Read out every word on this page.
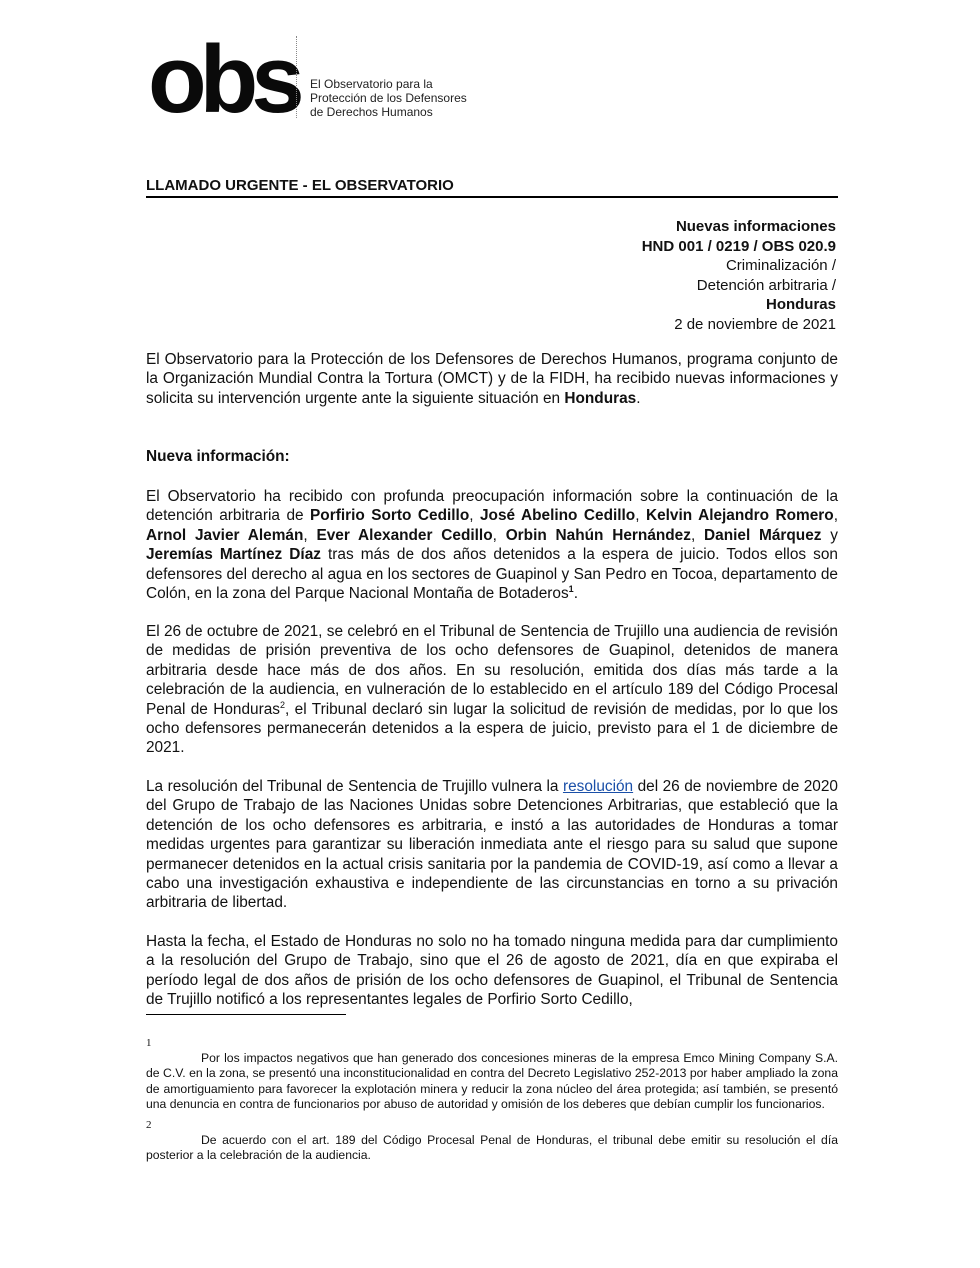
obs El Observatorio para la
Protección de los Defensores
de Derechos Humanos
LLAMADO URGENTE - EL OBSERVATORIO
Nuevas informaciones
HND 001 / 0219 / OBS 020.9
Criminalización /
Detención arbitraria /
Honduras
2 de noviembre de 2021

El Observatorio para la Protección de los Defensores de Derechos Humanos, programa conjunto de la Organización Mundial Contra la Tortura (OMCT) y de la FIDH, ha recibido nuevas informaciones y solicita su intervención urgente ante la siguiente situación en Honduras.

Nueva información:

El Observatorio ha recibido con profunda preocupación información sobre la continuación de la detención arbitraria de Porfirio Sorto Cedillo, José Abelino Cedillo, Kelvin Alejandro Romero, Arnol Javier Alemán, Ever Alexander Cedillo, Orbin Nahún Hernández, Daniel Márquez y Jeremías Martínez Díaz tras más de dos años detenidos a la espera de juicio. Todos ellos son defensores del derecho al agua en los sectores de Guapinol y San Pedro en Tocoa, departamento de Colón, en la zona del Parque Nacional Montaña de Botaderos$^1$.

El 26 de octubre de 2021, se celebró en el Tribunal de Sentencia de Trujillo una audiencia de revisión de medidas de prisión preventiva de los ocho defensores de Guapinol, detenidos de manera arbitraria desde hace más de dos años. En su resolución, emitida dos días más tarde a la celebración de la audiencia, en vulneración de lo establecido en el artículo 189 del Código Procesal Penal de Honduras$^2$, el Tribunal declaró sin lugar la solicitud de revisión de medidas, por lo que los ocho defensores permanecerán detenidos a la espera de juicio, previsto para el 1 de diciembre de 2021.

La resolución del Tribunal de Sentencia de Trujillo vulnera la resolución del 26 de noviembre de 2020 del Grupo de Trabajo de las Naciones Unidas sobre Detenciones Arbitrarias, que estableció que la detención de los ocho defensores es arbitraria, e instó a las autoridades de Honduras a tomar medidas urgentes para garantizar su liberación inmediata ante el riesgo para su salud que supone permanecer detenidos en la actual crisis sanitaria por la pandemia de COVID-19, así como a llevar a cabo una investigación exhaustiva e independiente de las circunstancias en torno a su privación arbitraria de libertad.

Hasta la fecha, el Estado de Honduras no solo no ha tomado ninguna medida para dar cumplimiento a la resolución del Grupo de Trabajo, sino que el 26 de agosto de 2021, día en que expiraba el período legal de dos años de prisión de los ocho defensores de Guapinol, el Tribunal de Sentencia de Trujillo notificó a los representantes legales de Porfirio Sorto Cedillo,

1
Por los impactos negativos que han generado dos concesiones mineras de la empresa Emco Mining Company S.A. de C.V. en la zona, se presentó una inconstitucionalidad en contra del Decreto Legislativo 252-2013 por haber ampliado la zona de amortiguamiento para favorecer la explotación minera y reducir la zona núcleo del área protegida; así también, se presentó una denuncia en contra de funcionarios por abuso de autoridad y omisión de los deberes que debían cumplir los funcionarios.
2
De acuerdo con el art. 189 del Código Procesal Penal de Honduras, el tribunal debe emitir su resolución el día posterior a la celebración de la audiencia.
